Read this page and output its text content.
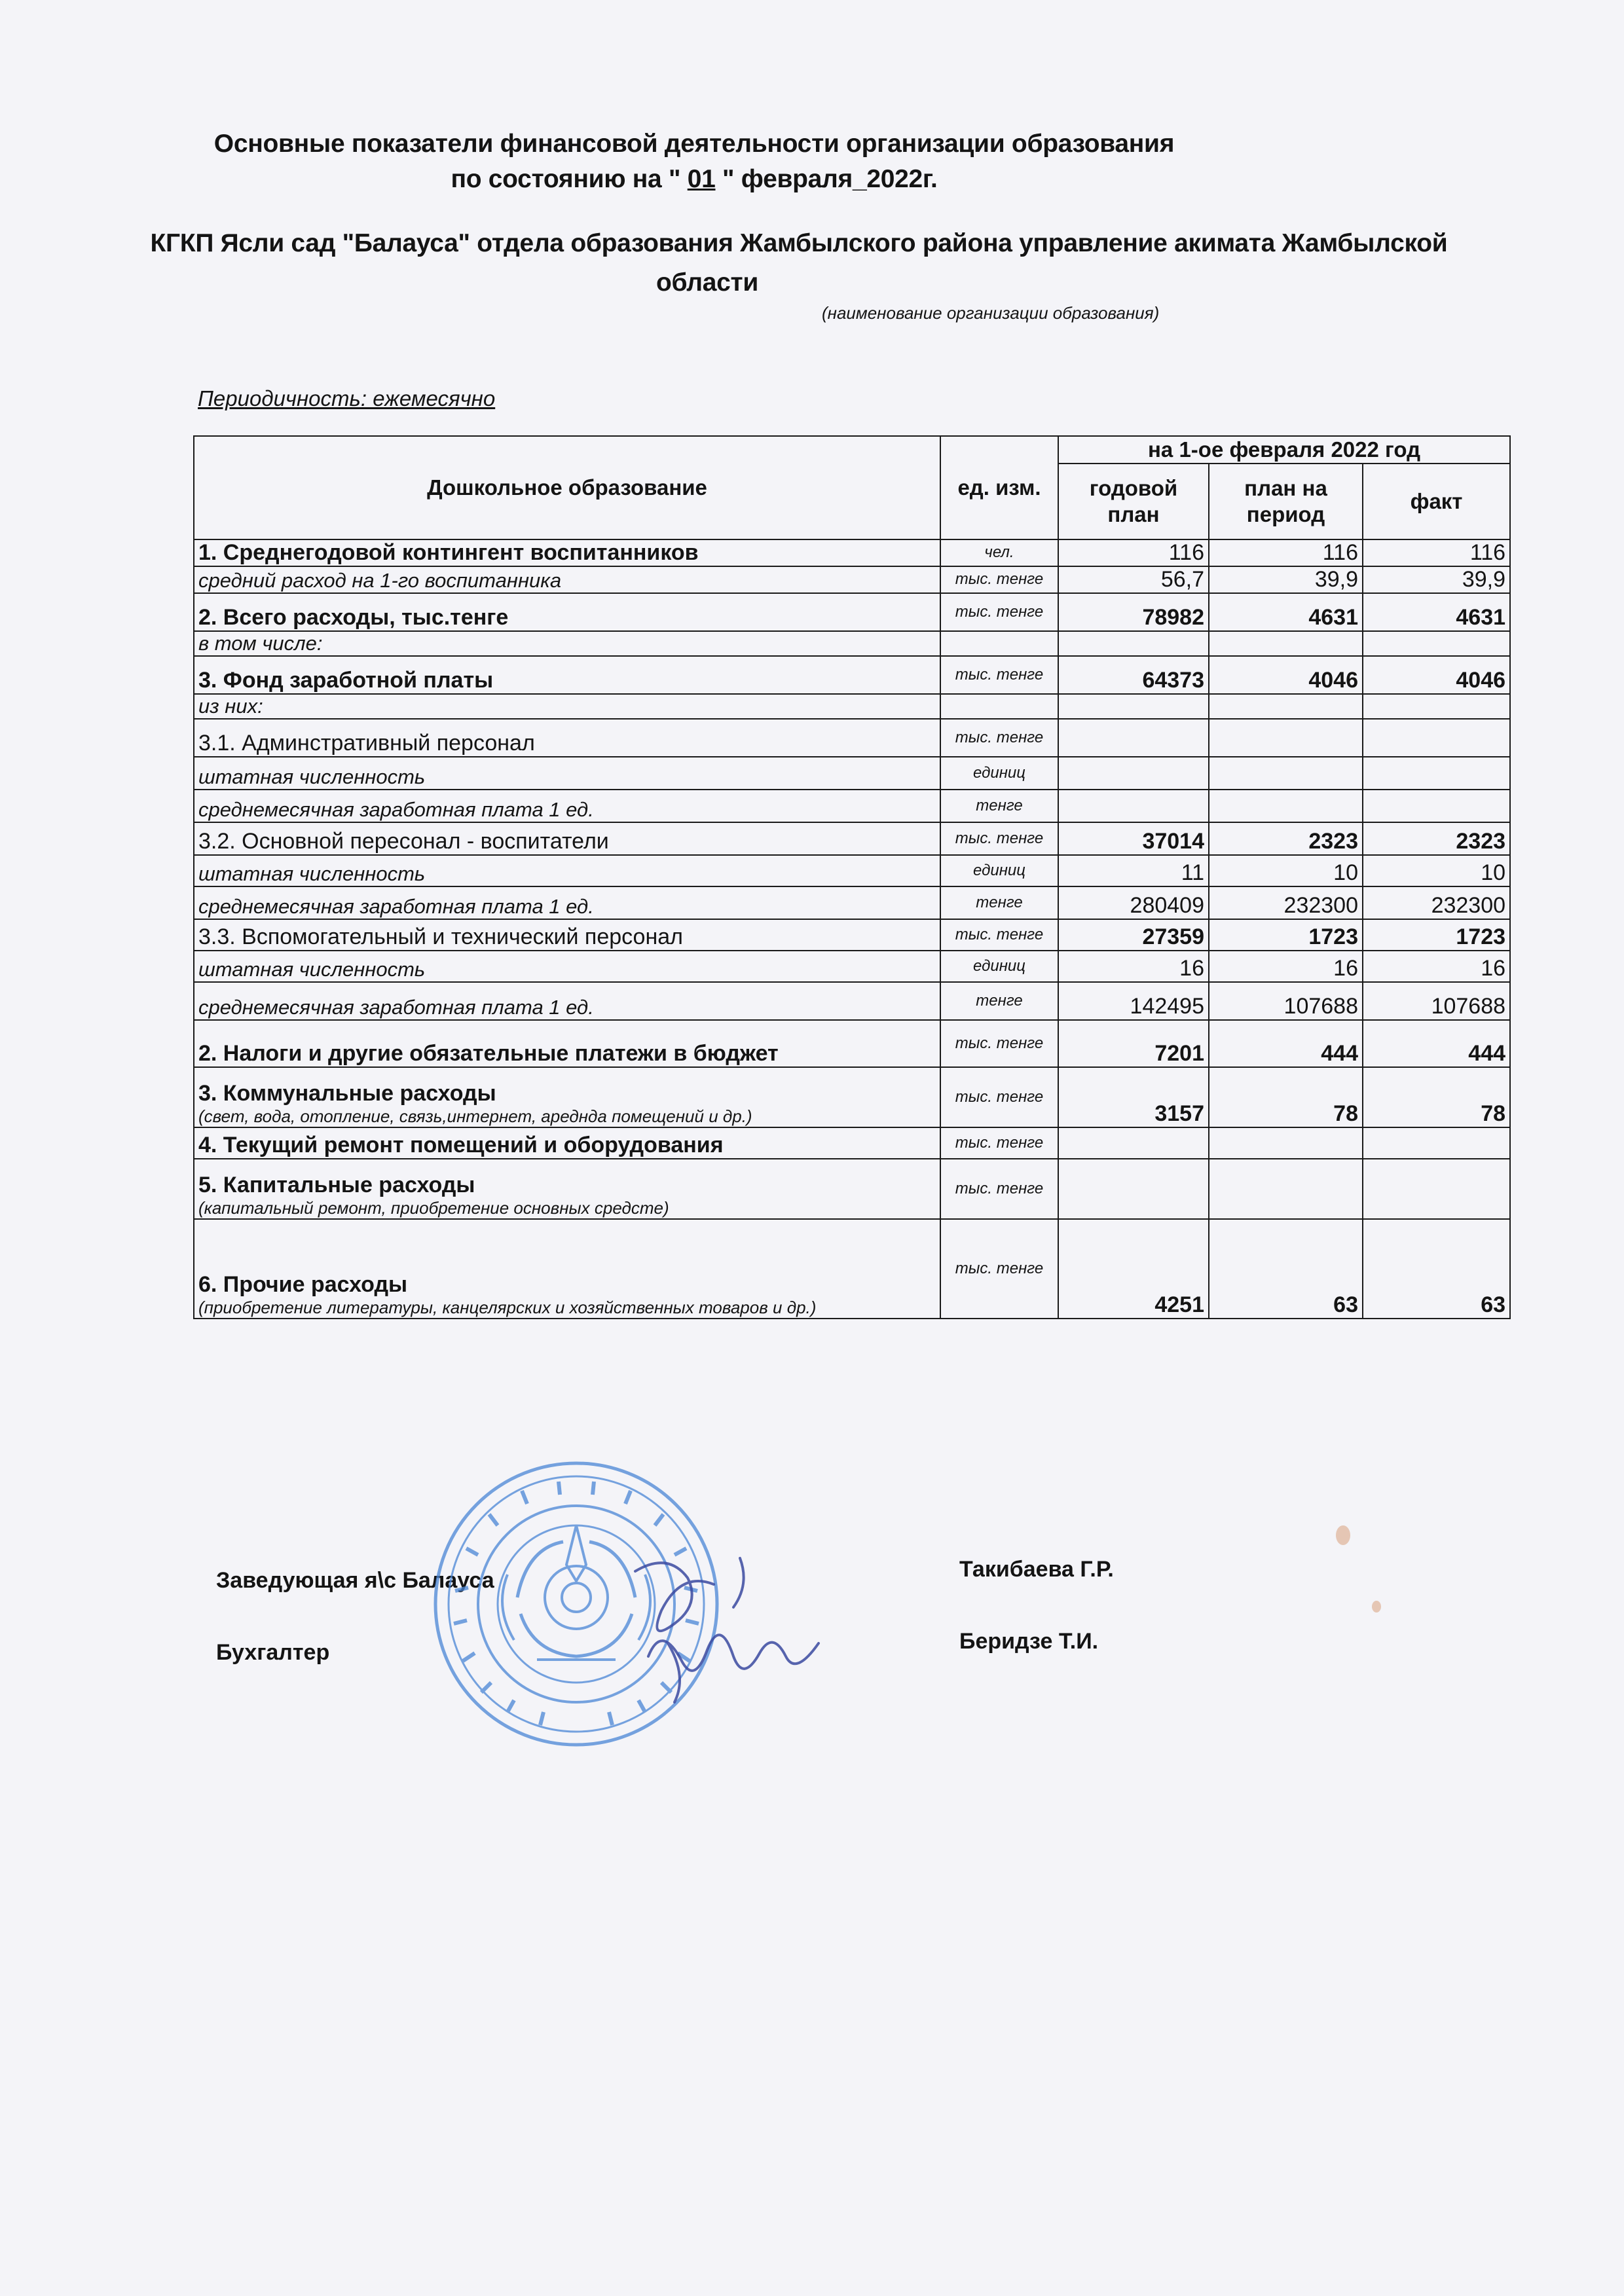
Основные показатели финансовой деятельности организации образования
по состоянию на " 01 " февраля_2022г.
КГКП Ясли сад "Балауса" отдела образования Жамбылского района управление акимата Жамбылской
области
(наименование организации образования)
Периодичность: ежемесячно
Дошкольное образование	ед. изм.	на 1-ое февраля 2022 год		
		годовой план	план на период	факт
1. Среднегодовой контингент воспитанников	чел.	116	116	116
средний расход на 1-го воспитанника	тыс. тенге	56,7	39,9	39,9
2. Всего расходы, тыс.тенге	тыс. тенге	78982	4631	4631
в том числе:				
3. Фонд заработной платы	тыс. тенге	64373	4046	4046
из них:				
3.1. Админстративный персонал	тыс. тенге			
штатная численность	единиц			
среднемесячная заработная плата 1 ед.	тенге			
3.2. Основной пересонал - воспитатели	тыс. тенге	37014	2323	2323
штатная численность	единиц	11	10	10
среднемесячная заработная плата 1 ед.	тенге	280409	232300	232300
3.3. Вспомогательный и технический персонал	тыс. тенге	27359	1723	1723
штатная численность	единиц	16	16	16
среднемесячная заработная плата 1 ед.	тенге	142495	107688	107688
2. Налоги и другие обязательные платежи в бюджет	тыс. тенге	7201	444	444
3. Коммунальные расходы
(свет, вода, отопление, связь,интернет, ареднда помещений и др.)	тыс. тенге	3157	78	78
4. Текущий ремонт помещений и оборудования	тыс. тенге			
5. Капитальные расходы
(капитальный ремонт, приобретение основных средсте)	тыс. тенге			
6. Прочие расходы
(приобретение литературы, канцелярских и хозяйственных товаров и др.)	тыс. тенге	4251	63	63
Заведующая я\с Балауса	Такибаева Г.Р.
Бухгалтер	Беридзе Т.И.
